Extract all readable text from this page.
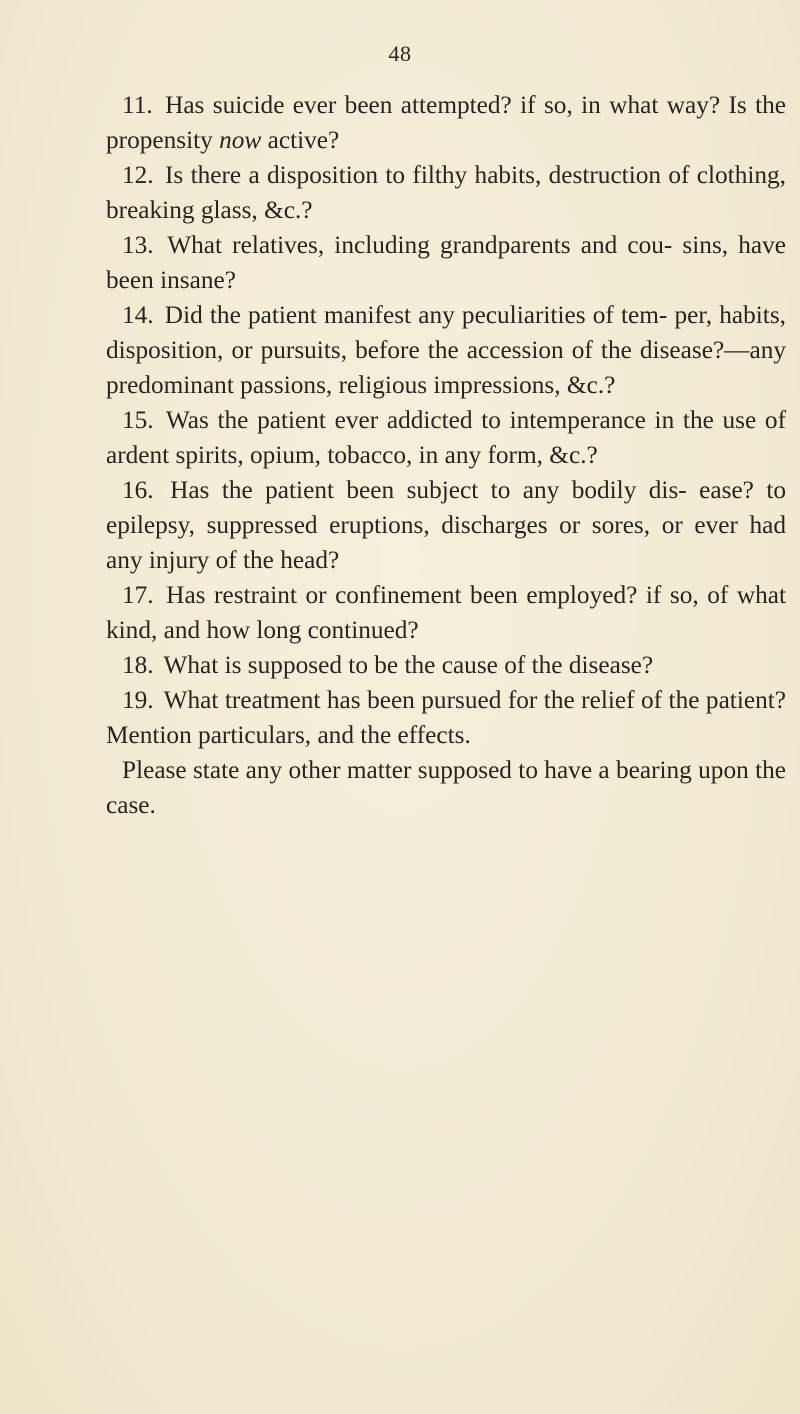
48

11. Has suicide ever been attempted? if so, in what way? Is the propensity now active?

12. Is there a disposition to filthy habits, destruction of clothing, breaking glass, &c.?

13. What relatives, including grandparents and cou- sins, have been insane?

14. Did the patient manifest any peculiarities of tem- per, habits, disposition, or pursuits, before the accession of the disease?—any predominant passions, religious impressions, &c.?

15. Was the patient ever addicted to intemperance in the use of ardent spirits, opium, tobacco, in any form, &c.?

16. Has the patient been subject to any bodily dis- ease? to epilepsy, suppressed eruptions, discharges or sores, or ever had any injury of the head?

17. Has restraint or confinement been employed? if so, of what kind, and how long continued?

18. What is supposed to be the cause of the disease?

19. What treatment has been pursued for the relief of the patient? Mention particulars, and the effects.

Please state any other matter supposed to have a bearing upon the case.
